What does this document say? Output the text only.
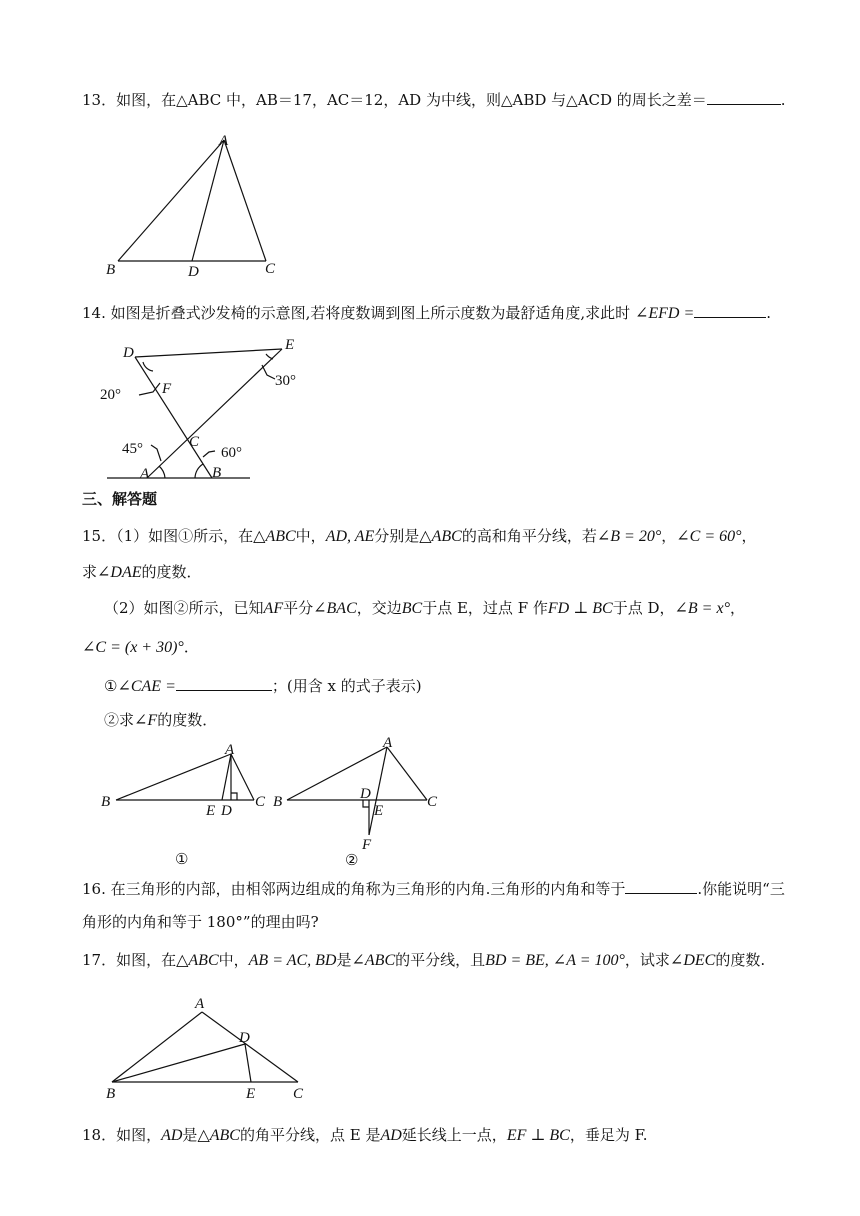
13．如图，在△ABC 中，AB＝17，AC＝12，AD 为中线，则△ABD 与△ACD 的周长之差＝	.
A
B	D	C
14. 如图是折叠式沙发椅的示意图,若将度数调到图上所示度数为最舒适角度,求此时 ∠EFD =	.
D	E
F
C
A	B
20°
30°
45°	60°
三、解答题
15．（1）如图①所示，在△ABC中，AD, AE分别是△ABC的高和角平分线，若∠B = 20°，∠C = 60°，
求∠DAE的度数．
（2）如图②所示，已知AF平分∠BAC，交边BC于点 E，过点 F 作FD ⊥ BC于点 D，∠B = x°，
∠C = (x + 30)°．
①∠CAE =	；(用含 x 的式子表示)
②求∠F的度数．
A
B
E D
C
①
A
B	D
E
C
F
②
16. 在三角形的内部，由相邻两边组成的角称为三角形的内角.三角形的内角和等于	.你能说明“三
角形的内角和等于 180°”的理由吗?
17．如图，在△ABC中，AB = AC, BD是∠ABC的平分线，且BD = BE, ∠A = 100°，试求∠DEC的度数.
A
D
B	E	C
18．如图，AD是△ABC的角平分线，点 E 是AD延长线上一点，EF ⊥ BC，垂足为 F.
